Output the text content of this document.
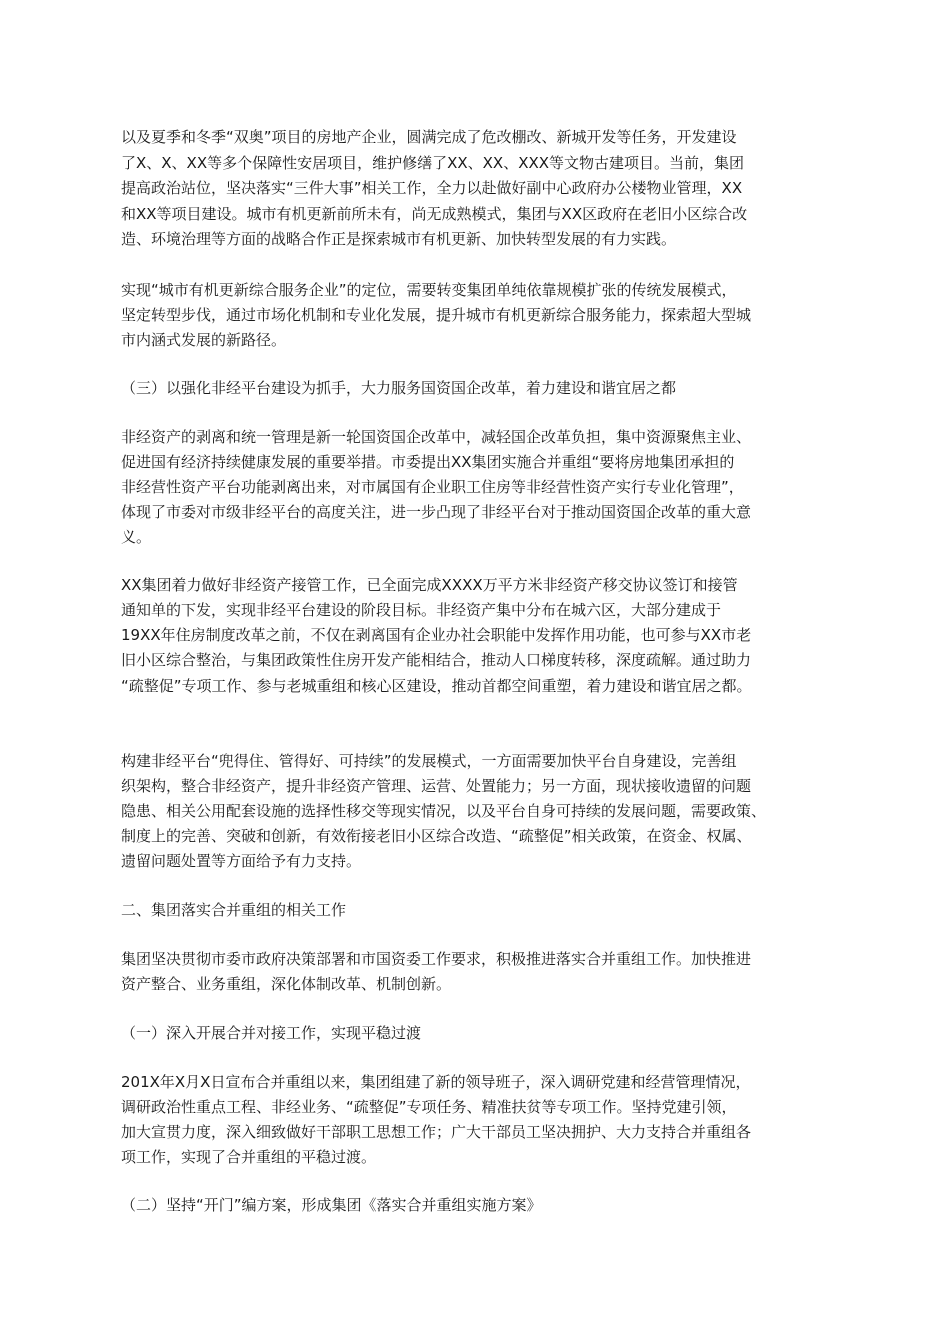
以及夏季和冬季“双奥”项目的房地产企业，圆满完成了危改棚改、新城开发等任务，开发建设
了X、X、XX等多个保障性安居项目，维护修缮了XX、XX、XXX等文物古建项目。当前，集团
提高政治站位，坚决落实“三件大事”相关工作，全力以赴做好副中心政府办公楼物业管理，XX
和XX等项目建设。城市有机更新前所未有，尚无成熟模式，集团与XX区政府在老旧小区综合改
造、环境治理等方面的战略合作正是探索城市有机更新、加快转型发展的有力实践。
实现“城市有机更新综合服务企业”的定位，需要转变集团单纯依靠规模扩张的传统发展模式，
坚定转型步伐，通过市场化机制和专业化发展，提升城市有机更新综合服务能力，探索超大型城
市内涵式发展的新路径。
（三）以强化非经平台建设为抓手，大力服务国资国企改革，着力建设和谐宜居之都
非经资产的剥离和统一管理是新一轮国资国企改革中，减轻国企改革负担，集中资源聚焦主业、
促进国有经济持续健康发展的重要举措。市委提出XX集团实施合并重组“要将房地集团承担的
非经营性资产平台功能剥离出来，对市属国有企业职工住房等非经营性资产实行专业化管理”，
体现了市委对市级非经平台的高度关注，进一步凸现了非经平台对于推动国资国企改革的重大意
义。
XX集团着力做好非经资产接管工作，已全面完成XXXX万平方米非经资产移交协议签订和接管
通知单的下发，实现非经平台建设的阶段目标。非经资产集中分布在城六区，大部分建成于
19XX年住房制度改革之前，不仅在剥离国有企业办社会职能中发挥作用功能，也可参与XX市老
旧小区综合整治，与集团政策性住房开发产能相结合，推动人口梯度转移，深度疏解。通过助力
“疏整促”专项工作、参与老城重组和核心区建设，推动首都空间重塑，着力建设和谐宜居之都。
构建非经平台“兜得住、管得好、可持续”的发展模式，一方面需要加快平台自身建设，完善组
织架构，整合非经资产，提升非经资产管理、运营、处置能力；另一方面，现状接收遗留的问题
隐患、相关公用配套设施的选择性移交等现实情况，以及平台自身可持续的发展问题，需要政策、
制度上的完善、突破和创新，有效衔接老旧小区综合改造、“疏整促”相关政策，在资金、权属、
遗留问题处置等方面给予有力支持。
二、集团落实合并重组的相关工作
集团坚决贯彻市委市政府决策部署和市国资委工作要求，积极推进落实合并重组工作。加快推进
资产整合、业务重组，深化体制改革、机制创新。
（一）深入开展合并对接工作，实现平稳过渡
201X年X月X日宣布合并重组以来，集团组建了新的领导班子，深入调研党建和经营管理情况，
调研政治性重点工程、非经业务、“疏整促”专项任务、精准扶贫等专项工作。坚持党建引领，
加大宣贯力度，深入细致做好干部职工思想工作；广大干部员工坚决拥护、大力支持合并重组各
项工作，实现了合并重组的平稳过渡。
（二）坚持“开门”编方案，形成集团《落实合并重组实施方案》
